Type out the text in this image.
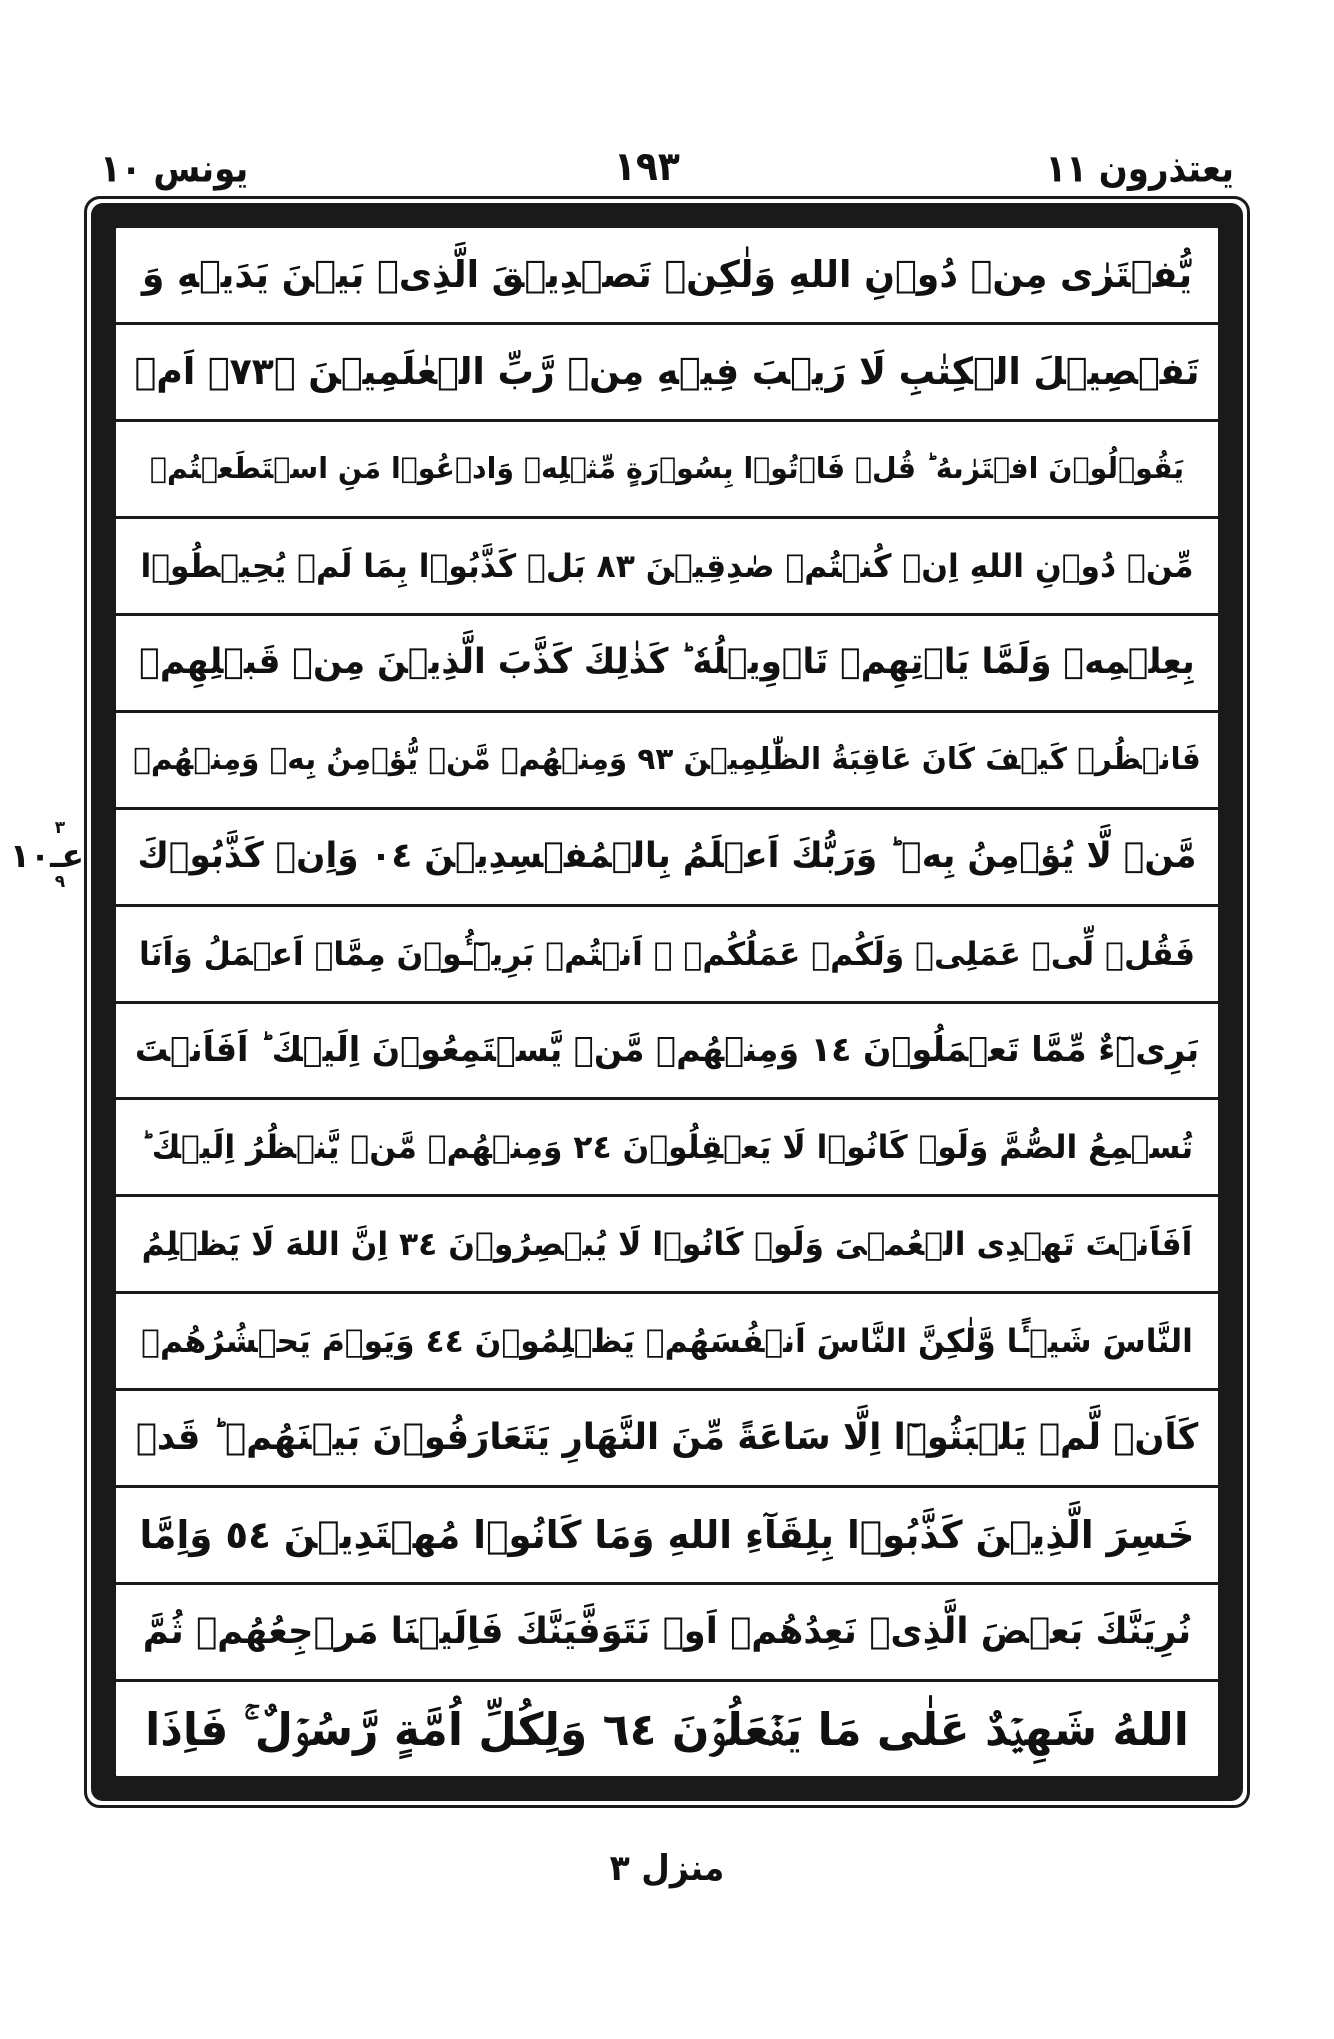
يعتذرون ١١
١٩٣
يونس ١٠
٣
عـ١٠
٩
يُّفۡتَرٰى مِنۡ دُوۡنِ اللهِ وَلٰكِنۡ تَصۡدِيۡقَ الَّذِىۡ بَيۡنَ يَدَيۡهِ وَ
تَفۡصِيۡلَ الۡكِتٰبِ لَا رَيۡبَ فِيۡهِ مِنۡ رَّبِّ الۡعٰلَمِيۡنَ ۩٣٧ۗ اَمۡ
يَقُوۡلُوۡنَ افۡتَرٰىهُ ؕ قُلۡ فَاۡتُوۡا بِسُوۡرَةٍ مِّثۡلِهٖ وَادۡعُوۡا مَنِ اسۡتَطَعۡتُمۡ
مِّنۡ دُوۡنِ اللهِ اِنۡ كُنۡتُمۡ صٰدِقِيۡنَ ٣٨ بَلۡ كَذَّبُوۡا بِمَا لَمۡ يُحِيۡطُوۡا
بِعِلۡمِهٖ وَلَمَّا يَاۡتِهِمۡ تَاۡوِيۡلُهٗ ؕ كَذٰلِكَ كَذَّبَ الَّذِيۡنَ مِنۡ قَبۡلِهِمۡ
فَانۡظُرۡ كَيۡفَ كَانَ عَاقِبَةُ الظّٰلِمِيۡنَ ٣٩ وَمِنۡهُمۡ مَّنۡ يُّؤۡمِنُ بِهٖ وَمِنۡهُمۡ
مَّنۡ لَّا يُؤۡمِنُ بِهٖ ؕ وَرَبُّكَ اَعۡلَمُ بِالۡمُفۡسِدِيۡنَ ٤٠ وَاِنۡ كَذَّبُوۡكَ
فَقُلۡ لِّىۡ عَمَلِىۡ وَلَكُمۡ عَمَلُكُمۡ ۚ اَنۡتُمۡ بَرِيۡٓـُٔوۡنَ مِمَّاۤ اَعۡمَلُ وَاَنَا
بَرِىۡٓءٌ مِّمَّا تَعۡمَلُوۡنَ ٤١ وَمِنۡهُمۡ مَّنۡ يَّسۡتَمِعُوۡنَ اِلَيۡكَ ؕ اَفَاَنۡتَ
تُسۡمِعُ الصُّمَّ وَلَوۡ كَانُوۡا لَا يَعۡقِلُوۡنَ ٤٢ وَمِنۡهُمۡ مَّنۡ يَّنۡظُرُ اِلَيۡكَ ؕ
اَفَاَنۡتَ تَهۡدِى الۡعُمۡىَ وَلَوۡ كَانُوۡا لَا يُبۡصِرُوۡنَ ٤٣ اِنَّ اللهَ لَا يَظۡلِمُ
النَّاسَ شَيۡـًٔا وَّلٰكِنَّ النَّاسَ اَنۡفُسَهُمۡ يَظۡلِمُوۡنَ ٤٤ وَيَوۡمَ يَحۡشُرُهُمۡ
كَاَنۡ لَّمۡ يَلۡبَثُوۡٓا اِلَّا سَاعَةً مِّنَ النَّهَارِ يَتَعَارَفُوۡنَ بَيۡنَهُمۡ ؕ قَدۡ
خَسِرَ الَّذِيۡنَ كَذَّبُوۡا بِلِقَآءِ اللهِ وَمَا كَانُوۡا مُهۡتَدِيۡنَ ٤٥ وَاِمَّا
نُرِيَنَّكَ بَعۡضَ الَّذِىۡ نَعِدُهُمۡ اَوۡ نَتَوَفَّيَنَّكَ فَاِلَيۡنَا مَرۡجِعُهُمۡ ثُمَّ
اللهُ شَهِيۡدٌ عَلٰى مَا يَفۡعَلُوۡنَ ٤٦ وَلِكُلِّ اُمَّةٍ رَّسُوۡلٌ ۚ فَاِذَا
منزل ٣
